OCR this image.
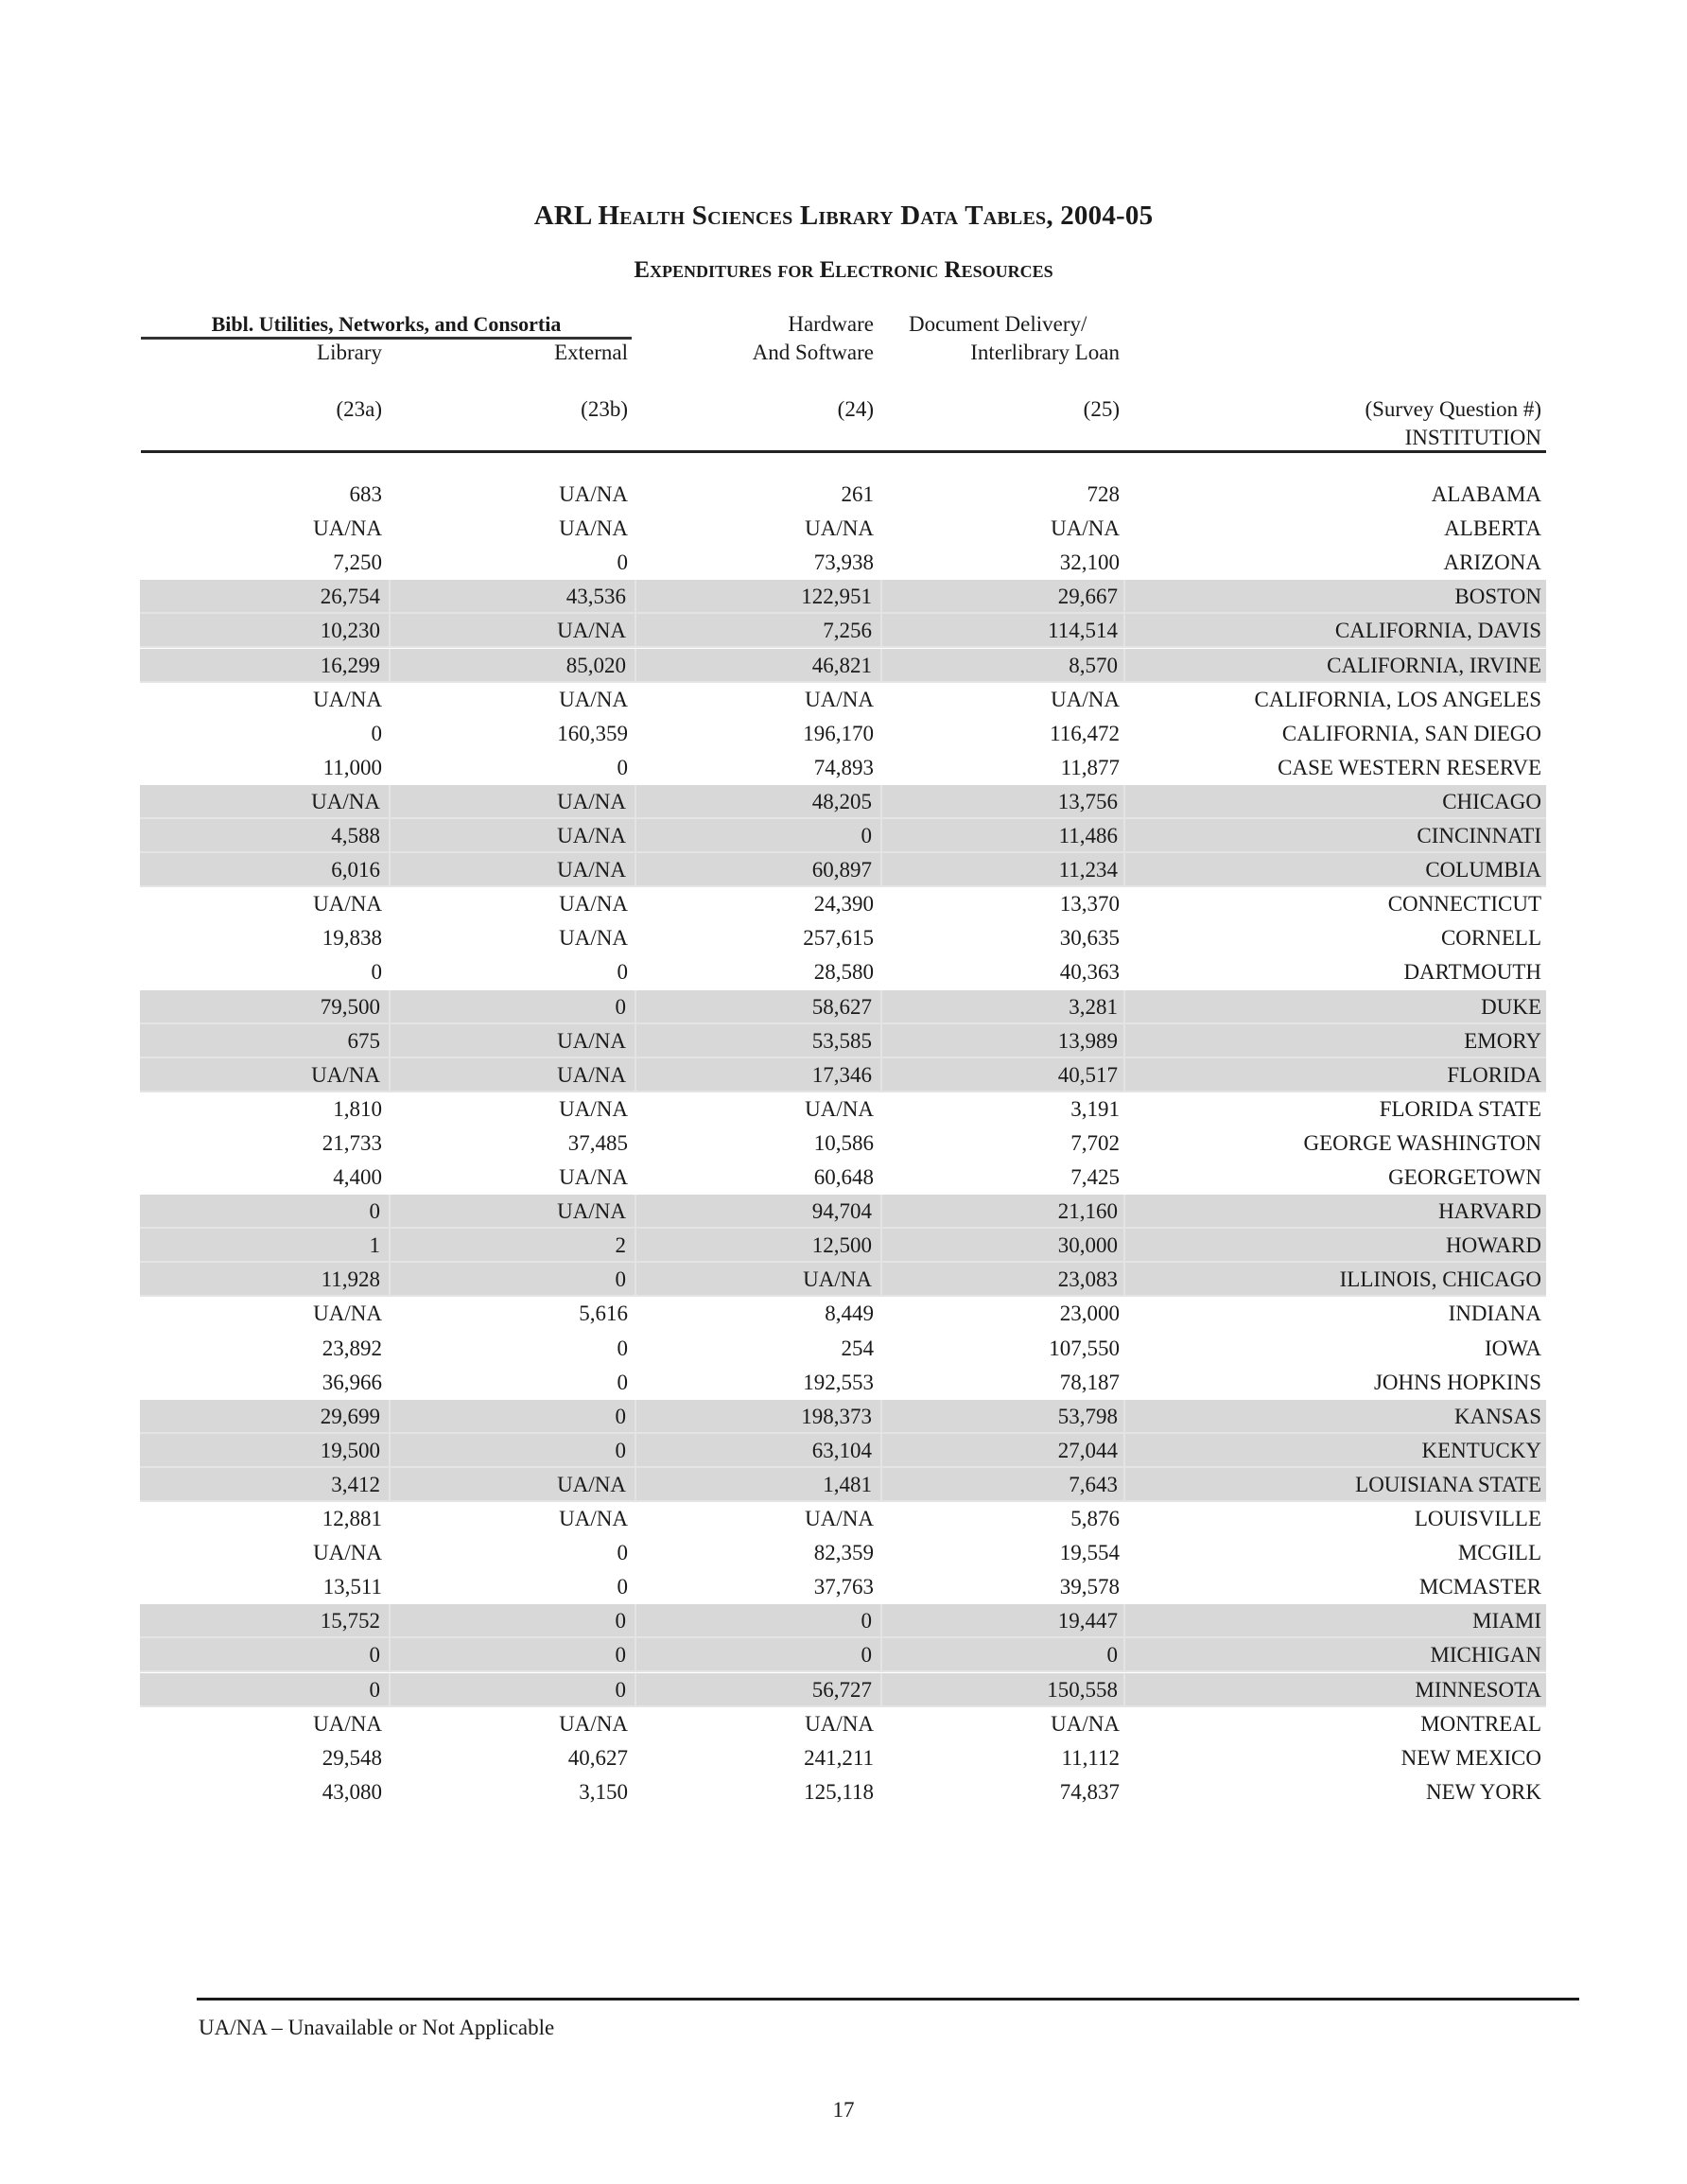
ARL Health Sciences Library Data Tables, 2004-05
Expenditures for Electronic Resources
Bibl. Utilities, Networks, and Consortia
Library	External
Hardware
And Software
Document Delivery/
Interlibrary Loan
(23a)	(23b)	(24)	(25)	(Survey Question #)
INSTITUTION
683	UA/NA	261	728	ALABAMA
UA/NA	UA/NA	UA/NA	UA/NA	ALBERTA
7,250	0	73,938	32,100	ARIZONA
26,754	43,536	122,951	29,667	BOSTON
10,230	UA/NA	7,256	114,514	CALIFORNIA, DAVIS
16,299	85,020	46,821	8,570	CALIFORNIA, IRVINE
UA/NA	UA/NA	UA/NA	UA/NA	CALIFORNIA, LOS ANGELES
0	160,359	196,170	116,472	CALIFORNIA, SAN DIEGO
11,000	0	74,893	11,877	CASE WESTERN RESERVE
UA/NA	UA/NA	48,205	13,756	CHICAGO
4,588	UA/NA	0	11,486	CINCINNATI
6,016	UA/NA	60,897	11,234	COLUMBIA
UA/NA	UA/NA	24,390	13,370	CONNECTICUT
19,838	UA/NA	257,615	30,635	CORNELL
0	0	28,580	40,363	DARTMOUTH
79,500	0	58,627	3,281	DUKE
675	UA/NA	53,585	13,989	EMORY
UA/NA	UA/NA	17,346	40,517	FLORIDA
1,810	UA/NA	UA/NA	3,191	FLORIDA STATE
21,733	37,485	10,586	7,702	GEORGE WASHINGTON
4,400	UA/NA	60,648	7,425	GEORGETOWN
0	UA/NA	94,704	21,160	HARVARD
1	2	12,500	30,000	HOWARD
11,928	0	UA/NA	23,083	ILLINOIS, CHICAGO
UA/NA	5,616	8,449	23,000	INDIANA
23,892	0	254	107,550	IOWA
36,966	0	192,553	78,187	JOHNS HOPKINS
29,699	0	198,373	53,798	KANSAS
19,500	0	63,104	27,044	KENTUCKY
3,412	UA/NA	1,481	7,643	LOUISIANA STATE
12,881	UA/NA	UA/NA	5,876	LOUISVILLE
UA/NA	0	82,359	19,554	MCGILL
13,511	0	37,763	39,578	MCMASTER
15,752	0	0	19,447	MIAMI
0	0	0	0	MICHIGAN
0	0	56,727	150,558	MINNESOTA
UA/NA	UA/NA	UA/NA	UA/NA	MONTREAL
29,548	40,627	241,211	11,112	NEW MEXICO
43,080	3,150	125,118	74,837	NEW YORK
UA/NA – Unavailable or Not Applicable
17
